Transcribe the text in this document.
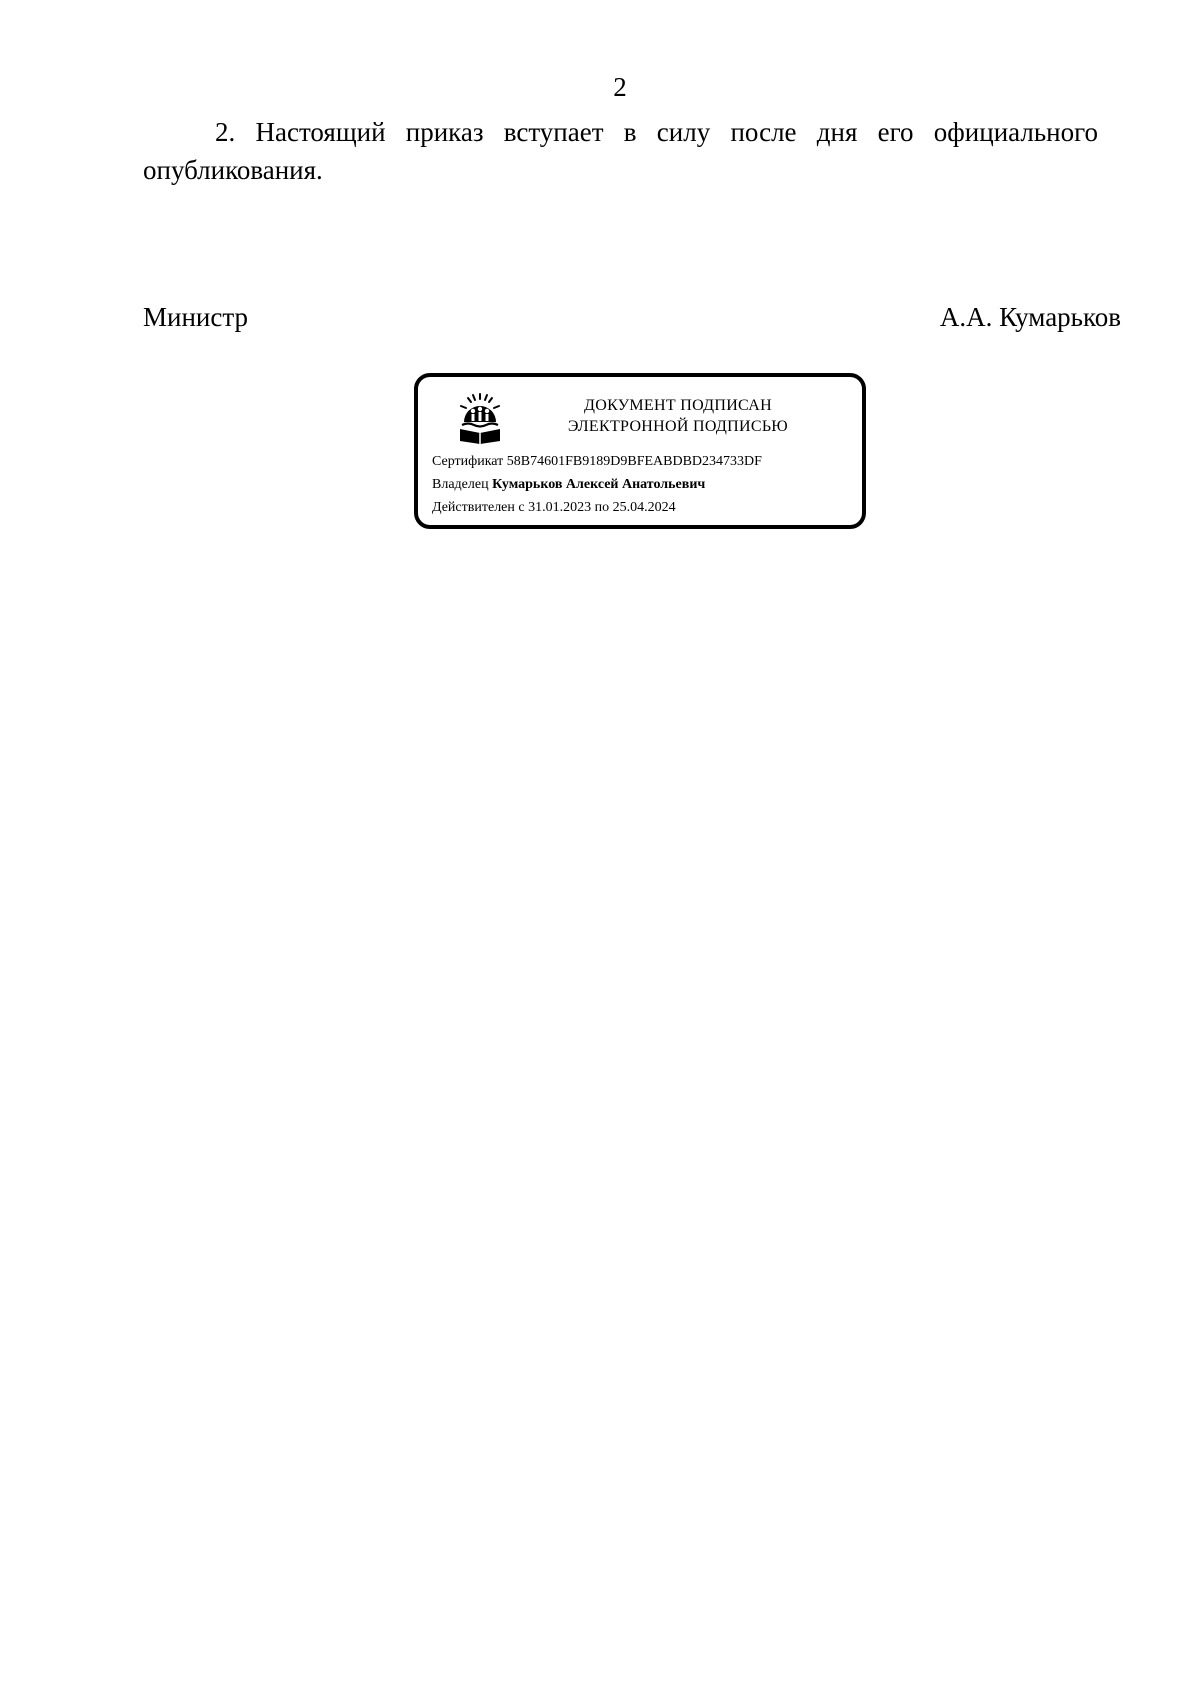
2
2. Настоящий приказ вступает в силу после дня его официального опубликования.
Министр	А.А. Кумарьков
ДОКУМЕНТ ПОДПИСАН
ЭЛЕКТРОННОЙ ПОДПИСЬЮ
Сертификат 58B74601FB9189D9BFEABDBD234733DF
Владелец Кумарьков Алексей Анатольевич
Действителен с 31.01.2023 по 25.04.2024
